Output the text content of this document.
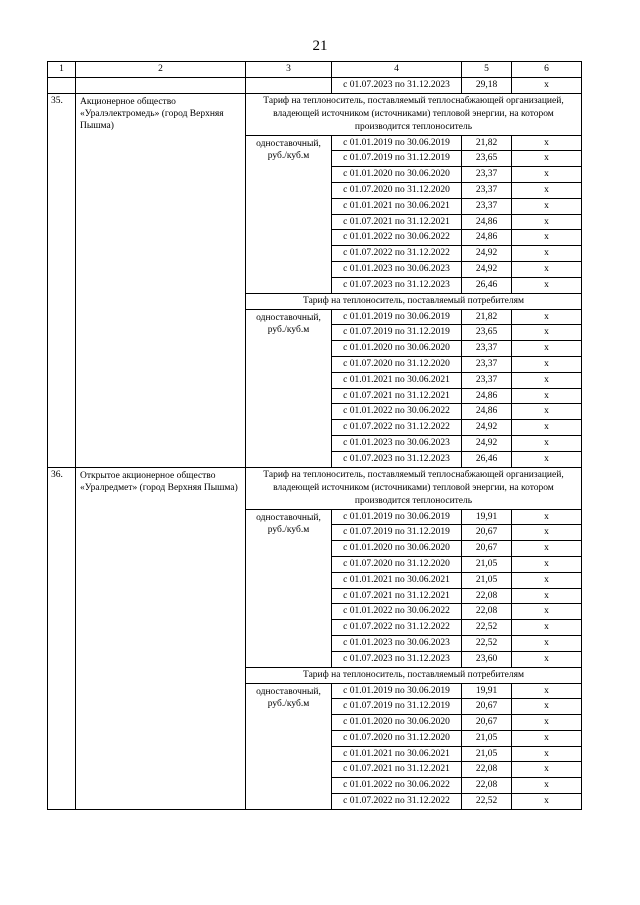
21
1	2	3	4	5	6
			с 01.07.2023 по 31.12.2023	29,18	х
35.	Акционерное общество «Уралэлектромедь» (город Верхняя Пышма)	Тариф на теплоноситель, поставляемый теплоснабжающей организацией, владеющей источником (источниками) тепловой энергии, на котором производится теплоноситель			
		одноставочный, руб./куб.м	с 01.01.2019 по 30.06.2019	21,82	х
			с 01.07.2019 по 31.12.2019	23,65	х
			с 01.01.2020 по 30.06.2020	23,37	х
			с 01.07.2020 по 31.12.2020	23,37	х
			с 01.01.2021 по 30.06.2021	23,37	х
			с 01.07.2021 по 31.12.2021	24,86	х
			с 01.01.2022 по 30.06.2022	24,86	х
			с 01.07.2022 по 31.12.2022	24,92	х
			с 01.01.2023 по 30.06.2023	24,92	х
			с 01.07.2023 по 31.12.2023	26,46	х
		Тариф на теплоноситель, поставляемый потребителям			
		одноставочный, руб./куб.м	с 01.01.2019 по 30.06.2019	21,82	х
			с 01.07.2019 по 31.12.2019	23,65	х
			с 01.01.2020 по 30.06.2020	23,37	х
			с 01.07.2020 по 31.12.2020	23,37	х
			с 01.01.2021 по 30.06.2021	23,37	х
			с 01.07.2021 по 31.12.2021	24,86	х
			с 01.01.2022 по 30.06.2022	24,86	х
			с 01.07.2022 по 31.12.2022	24,92	х
			с 01.01.2023 по 30.06.2023	24,92	х
			с 01.07.2023 по 31.12.2023	26,46	х
36.	Открытое акционерное общество «Уралредмет» (город Верхняя Пышма)	Тариф на теплоноситель, поставляемый теплоснабжающей организацией, владеющей источником (источниками) тепловой энергии, на котором производится теплоноситель			
		одноставочный, руб./куб.м	с 01.01.2019 по 30.06.2019	19,91	х
			с 01.07.2019 по 31.12.2019	20,67	х
			с 01.01.2020 по 30.06.2020	20,67	х
			с 01.07.2020 по 31.12.2020	21,05	х
			с 01.01.2021 по 30.06.2021	21,05	х
			с 01.07.2021 по 31.12.2021	22,08	х
			с 01.01.2022 по 30.06.2022	22,08	х
			с 01.07.2022 по 31.12.2022	22,52	х
			с 01.01.2023 по 30.06.2023	22,52	х
			с 01.07.2023 по 31.12.2023	23,60	х
		Тариф на теплоноситель, поставляемый потребителям			
		одноставочный, руб./куб.м	с 01.01.2019 по 30.06.2019	19,91	х
			с 01.07.2019 по 31.12.2019	20,67	х
			с 01.01.2020 по 30.06.2020	20,67	х
			с 01.07.2020 по 31.12.2020	21,05	х
			с 01.01.2021 по 30.06.2021	21,05	х
			с 01.07.2021 по 31.12.2021	22,08	х
			с 01.01.2022 по 30.06.2022	22,08	х
			с 01.07.2022 по 31.12.2022	22,52	х
